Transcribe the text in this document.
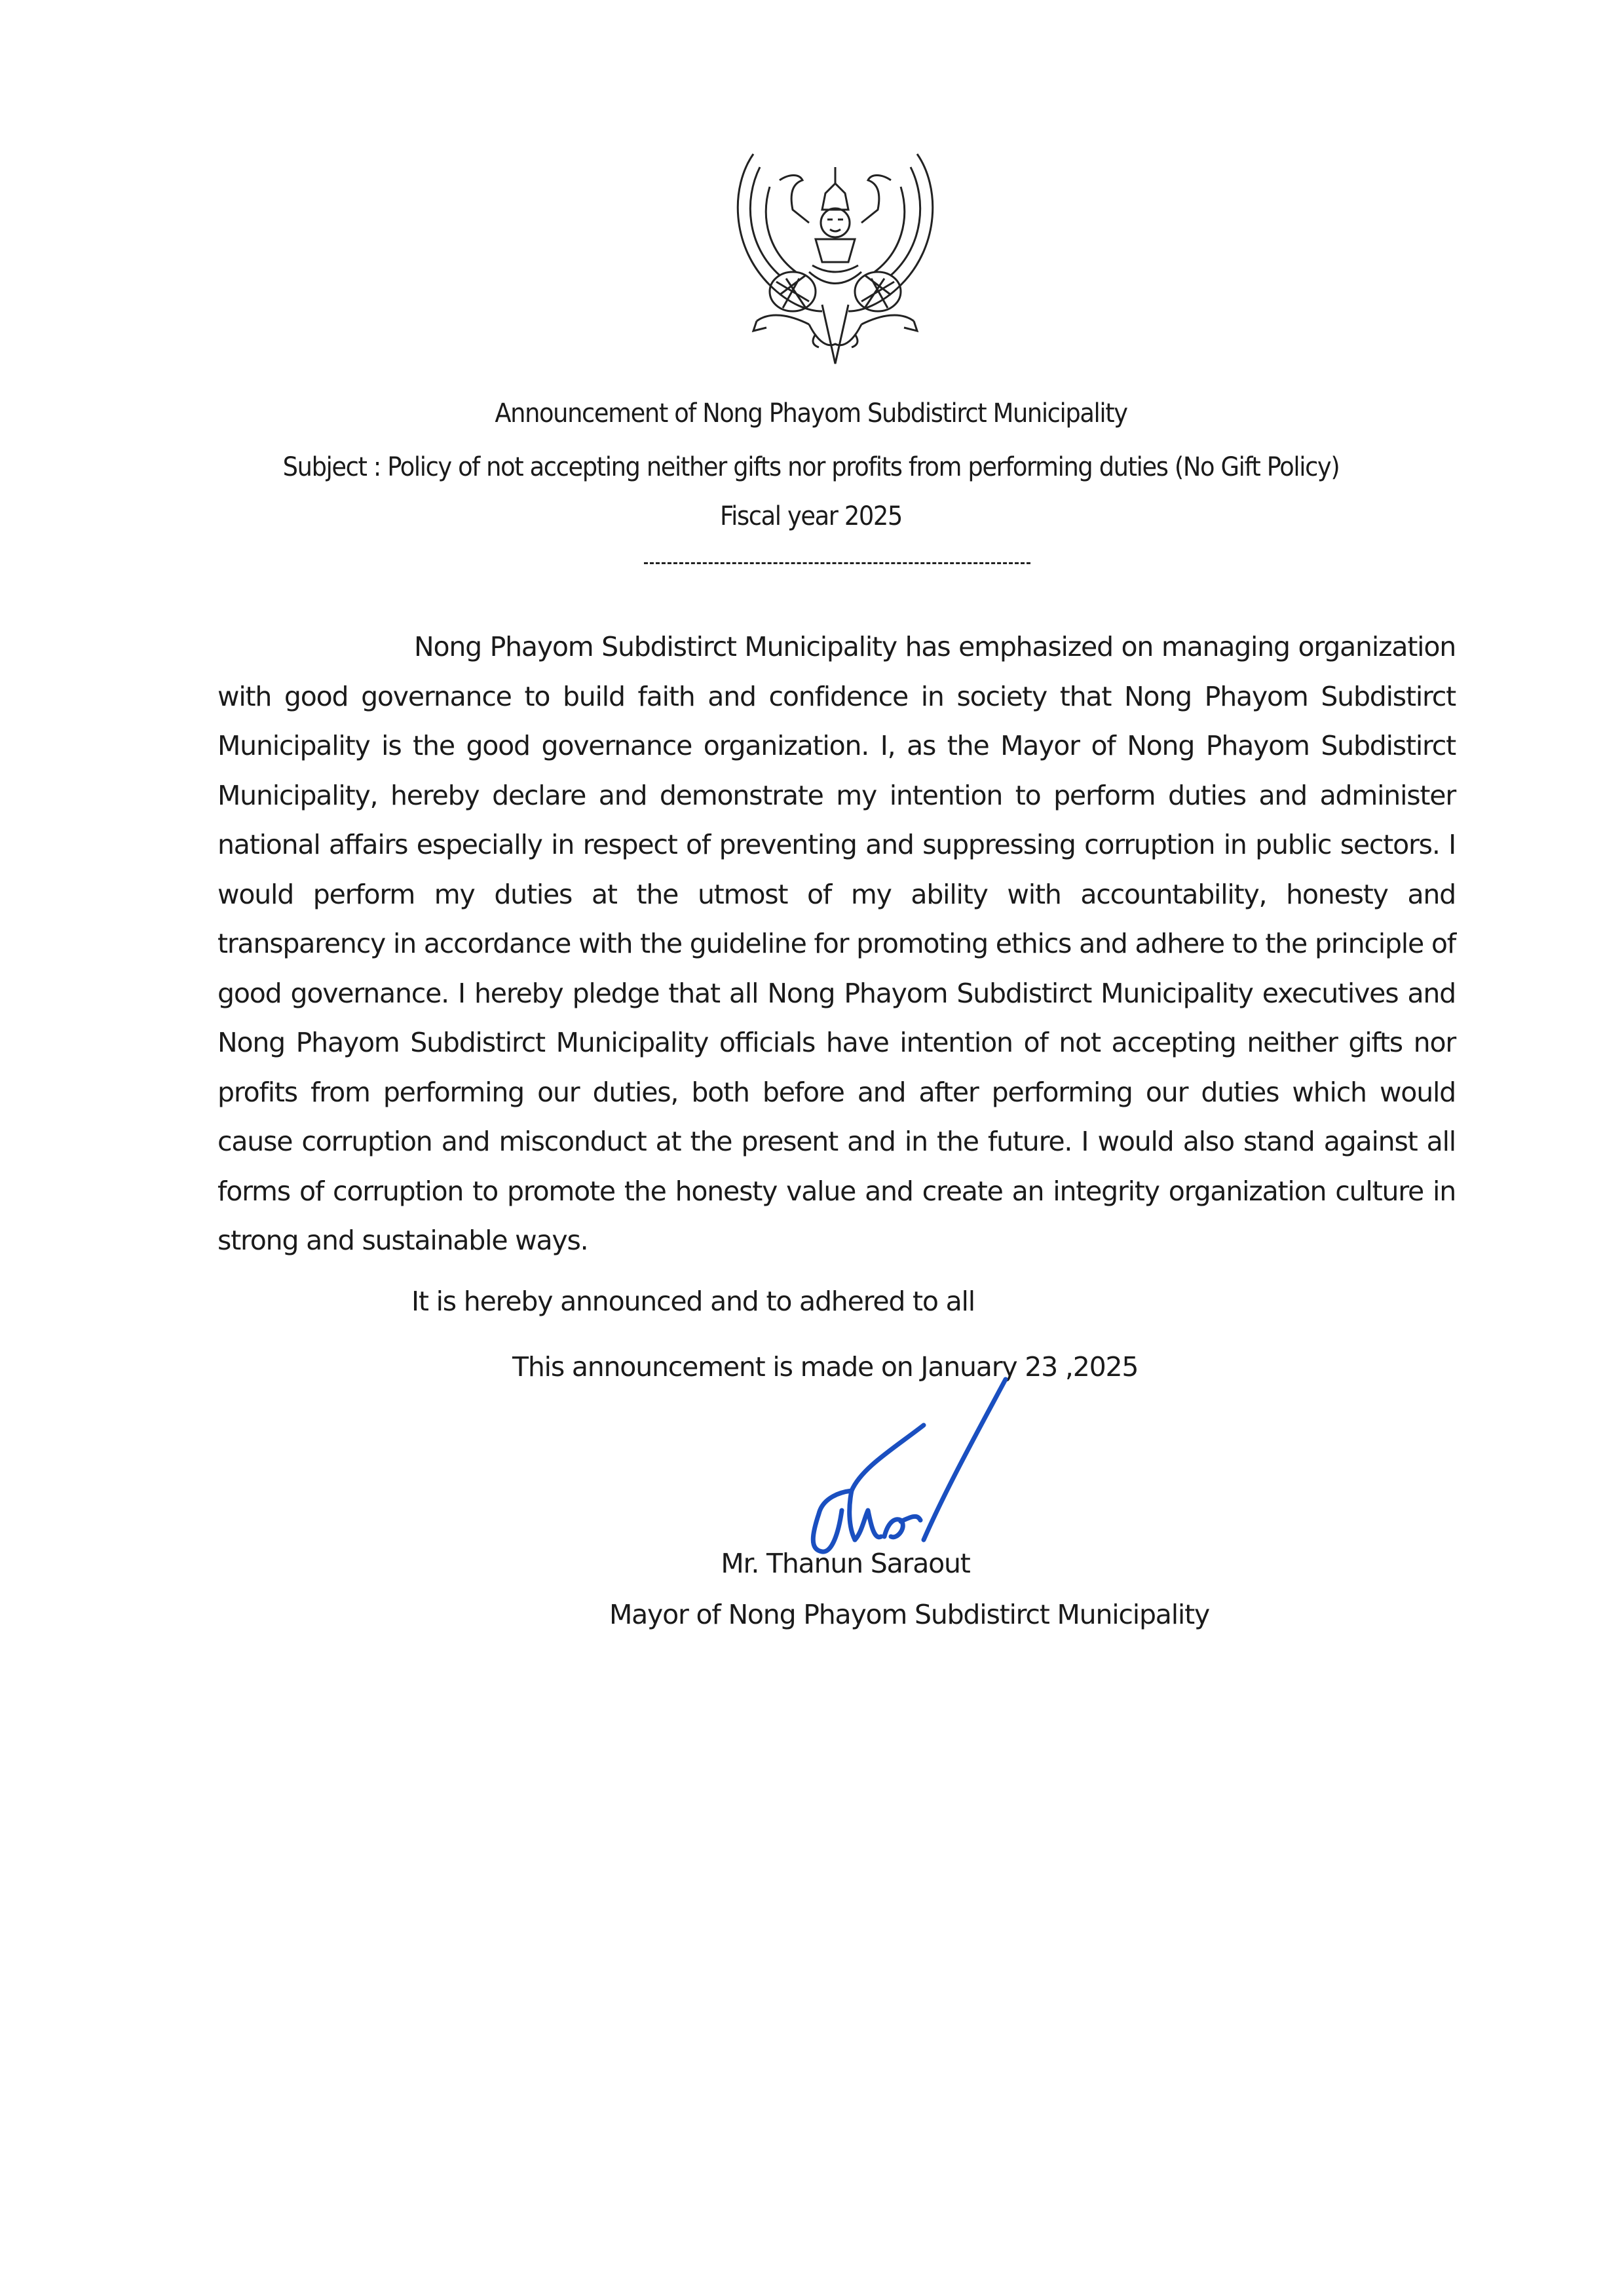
Announcement of Nong Phayom Subdistirct Municipality
Subject : Policy of not accepting neither gifts nor profits from performing duties (No Gift Policy)
Fiscal year 2025
Nong Phayom Subdistirct Municipality has emphasized on managing organization with good governance to build faith and confidence in society that Nong Phayom Subdistirct Municipality is the good governance organization. I, as the Mayor of Nong Phayom Subdistirct Municipality, hereby declare and demonstrate my intention to perform duties and administer national affairs especially in respect of preventing and suppressing corruption in public sectors. I would perform my duties at the utmost of my ability with accountability, honesty and transparency in accordance with the guideline for promoting ethics and adhere to the principle of good governance. I hereby pledge that all Nong Phayom Subdistirct Municipality executives and Nong Phayom Subdistirct Municipality officials have intention of not accepting neither gifts nor profits from performing our duties, both before and after performing our duties which would cause corruption and misconduct at the present and in the future. I would also stand against all forms of corruption to promote the honesty value and create an integrity organization culture in strong and sustainable ways.
It is hereby announced and to adhered to all
This announcement is made on January 23 ,2025
Mr. Thanun Saraout
Mayor of Nong Phayom Subdistirct Municipality
